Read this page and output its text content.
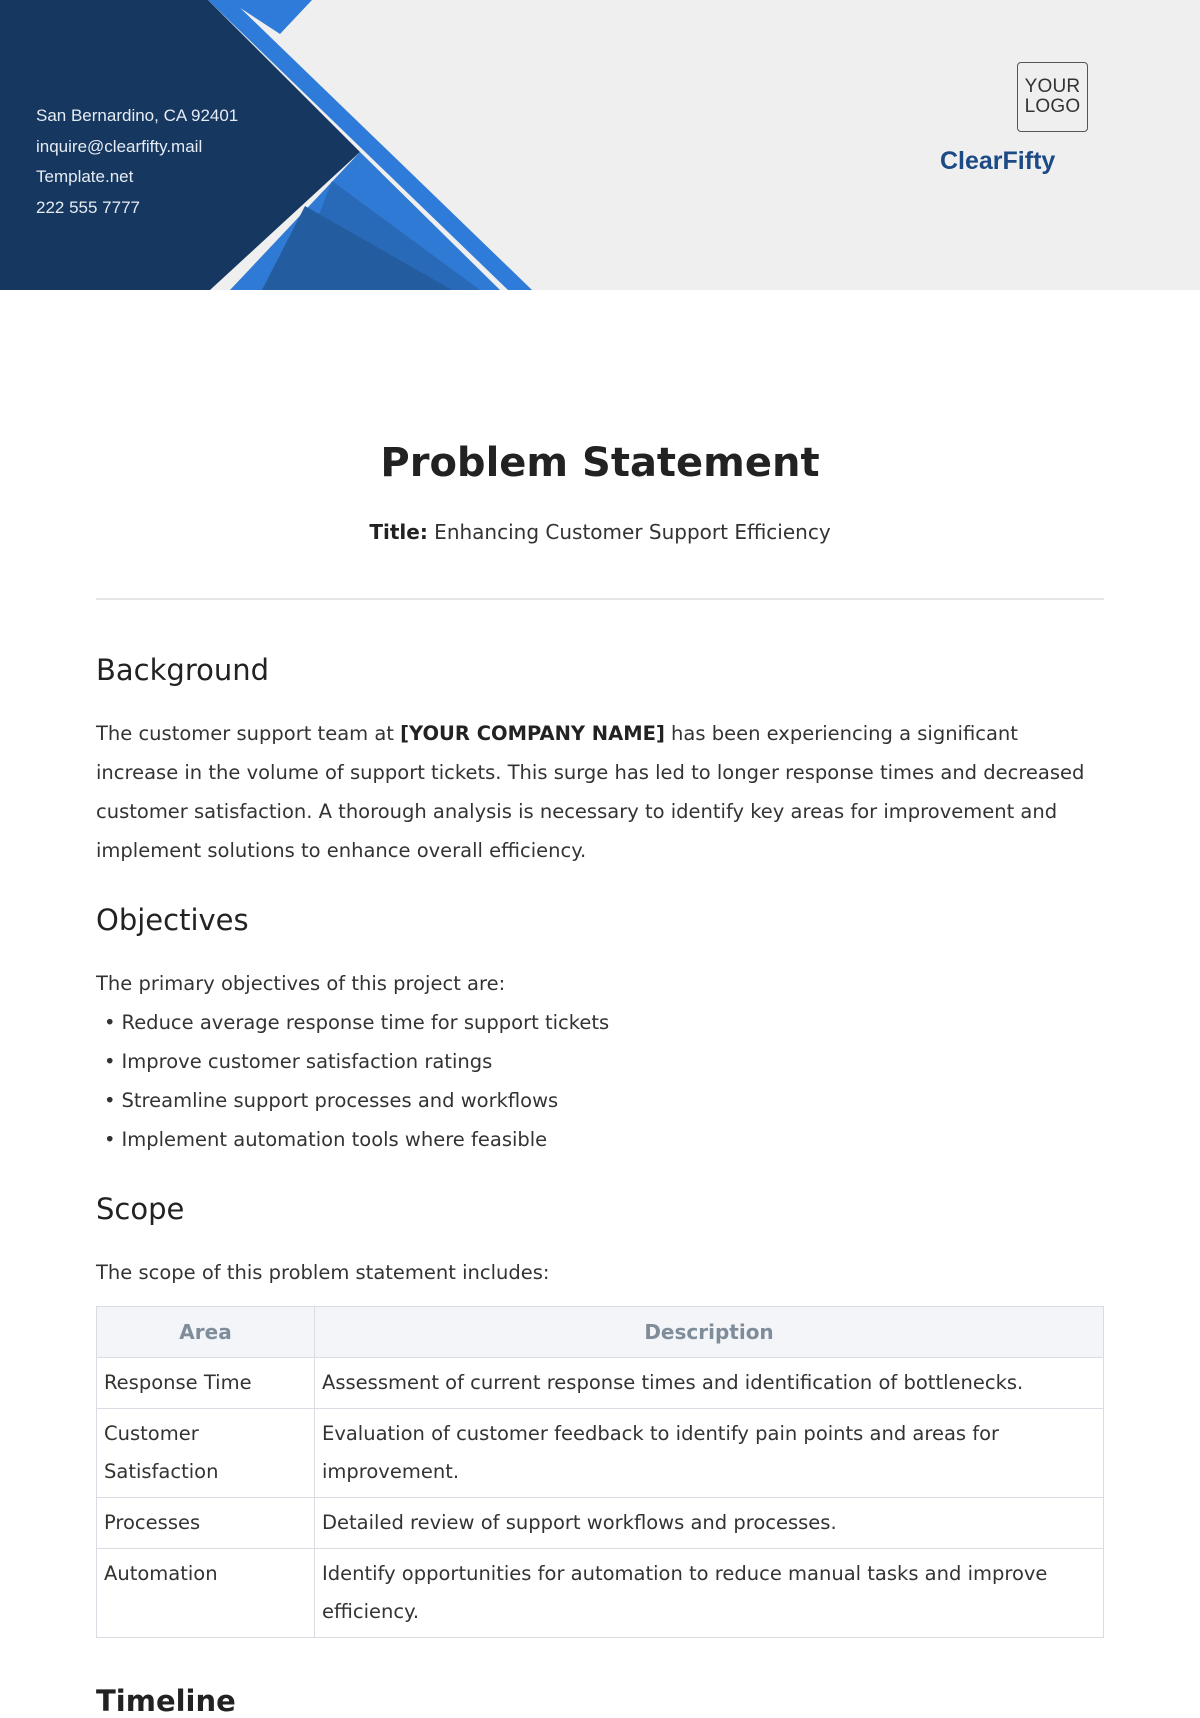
San Bernardino, CA 92401
inquire@clearfifty.mail
Template.net
222 555 7777
YOUR
LOGO
ClearFifty
Problem Statement
Title: Enhancing Customer Support Efficiency
Background

The customer support team at [YOUR COMPANY NAME] has been experiencing a significant increase in the volume of support tickets. This surge has led to longer response times and decreased customer satisfaction. A thorough analysis is necessary to identify key areas for improvement and implement solutions to enhance overall efficiency.

Objectives

The primary objectives of this project are:

• Reduce average response time for support tickets
• Improve customer satisfaction ratings
• Streamline support processes and workflows
• Implement automation tools where feasible
Scope

The scope of this problem statement includes:

Area	Description
Response Time	Assessment of current response times and identification of bottlenecks.
Customer Satisfaction	Evaluation of customer feedback to identify pain points and areas for improvement.
Processes	Detailed review of support workflows and processes.
Automation	Identify opportunities for automation to reduce manual tasks and improve efficiency.
Timeline
